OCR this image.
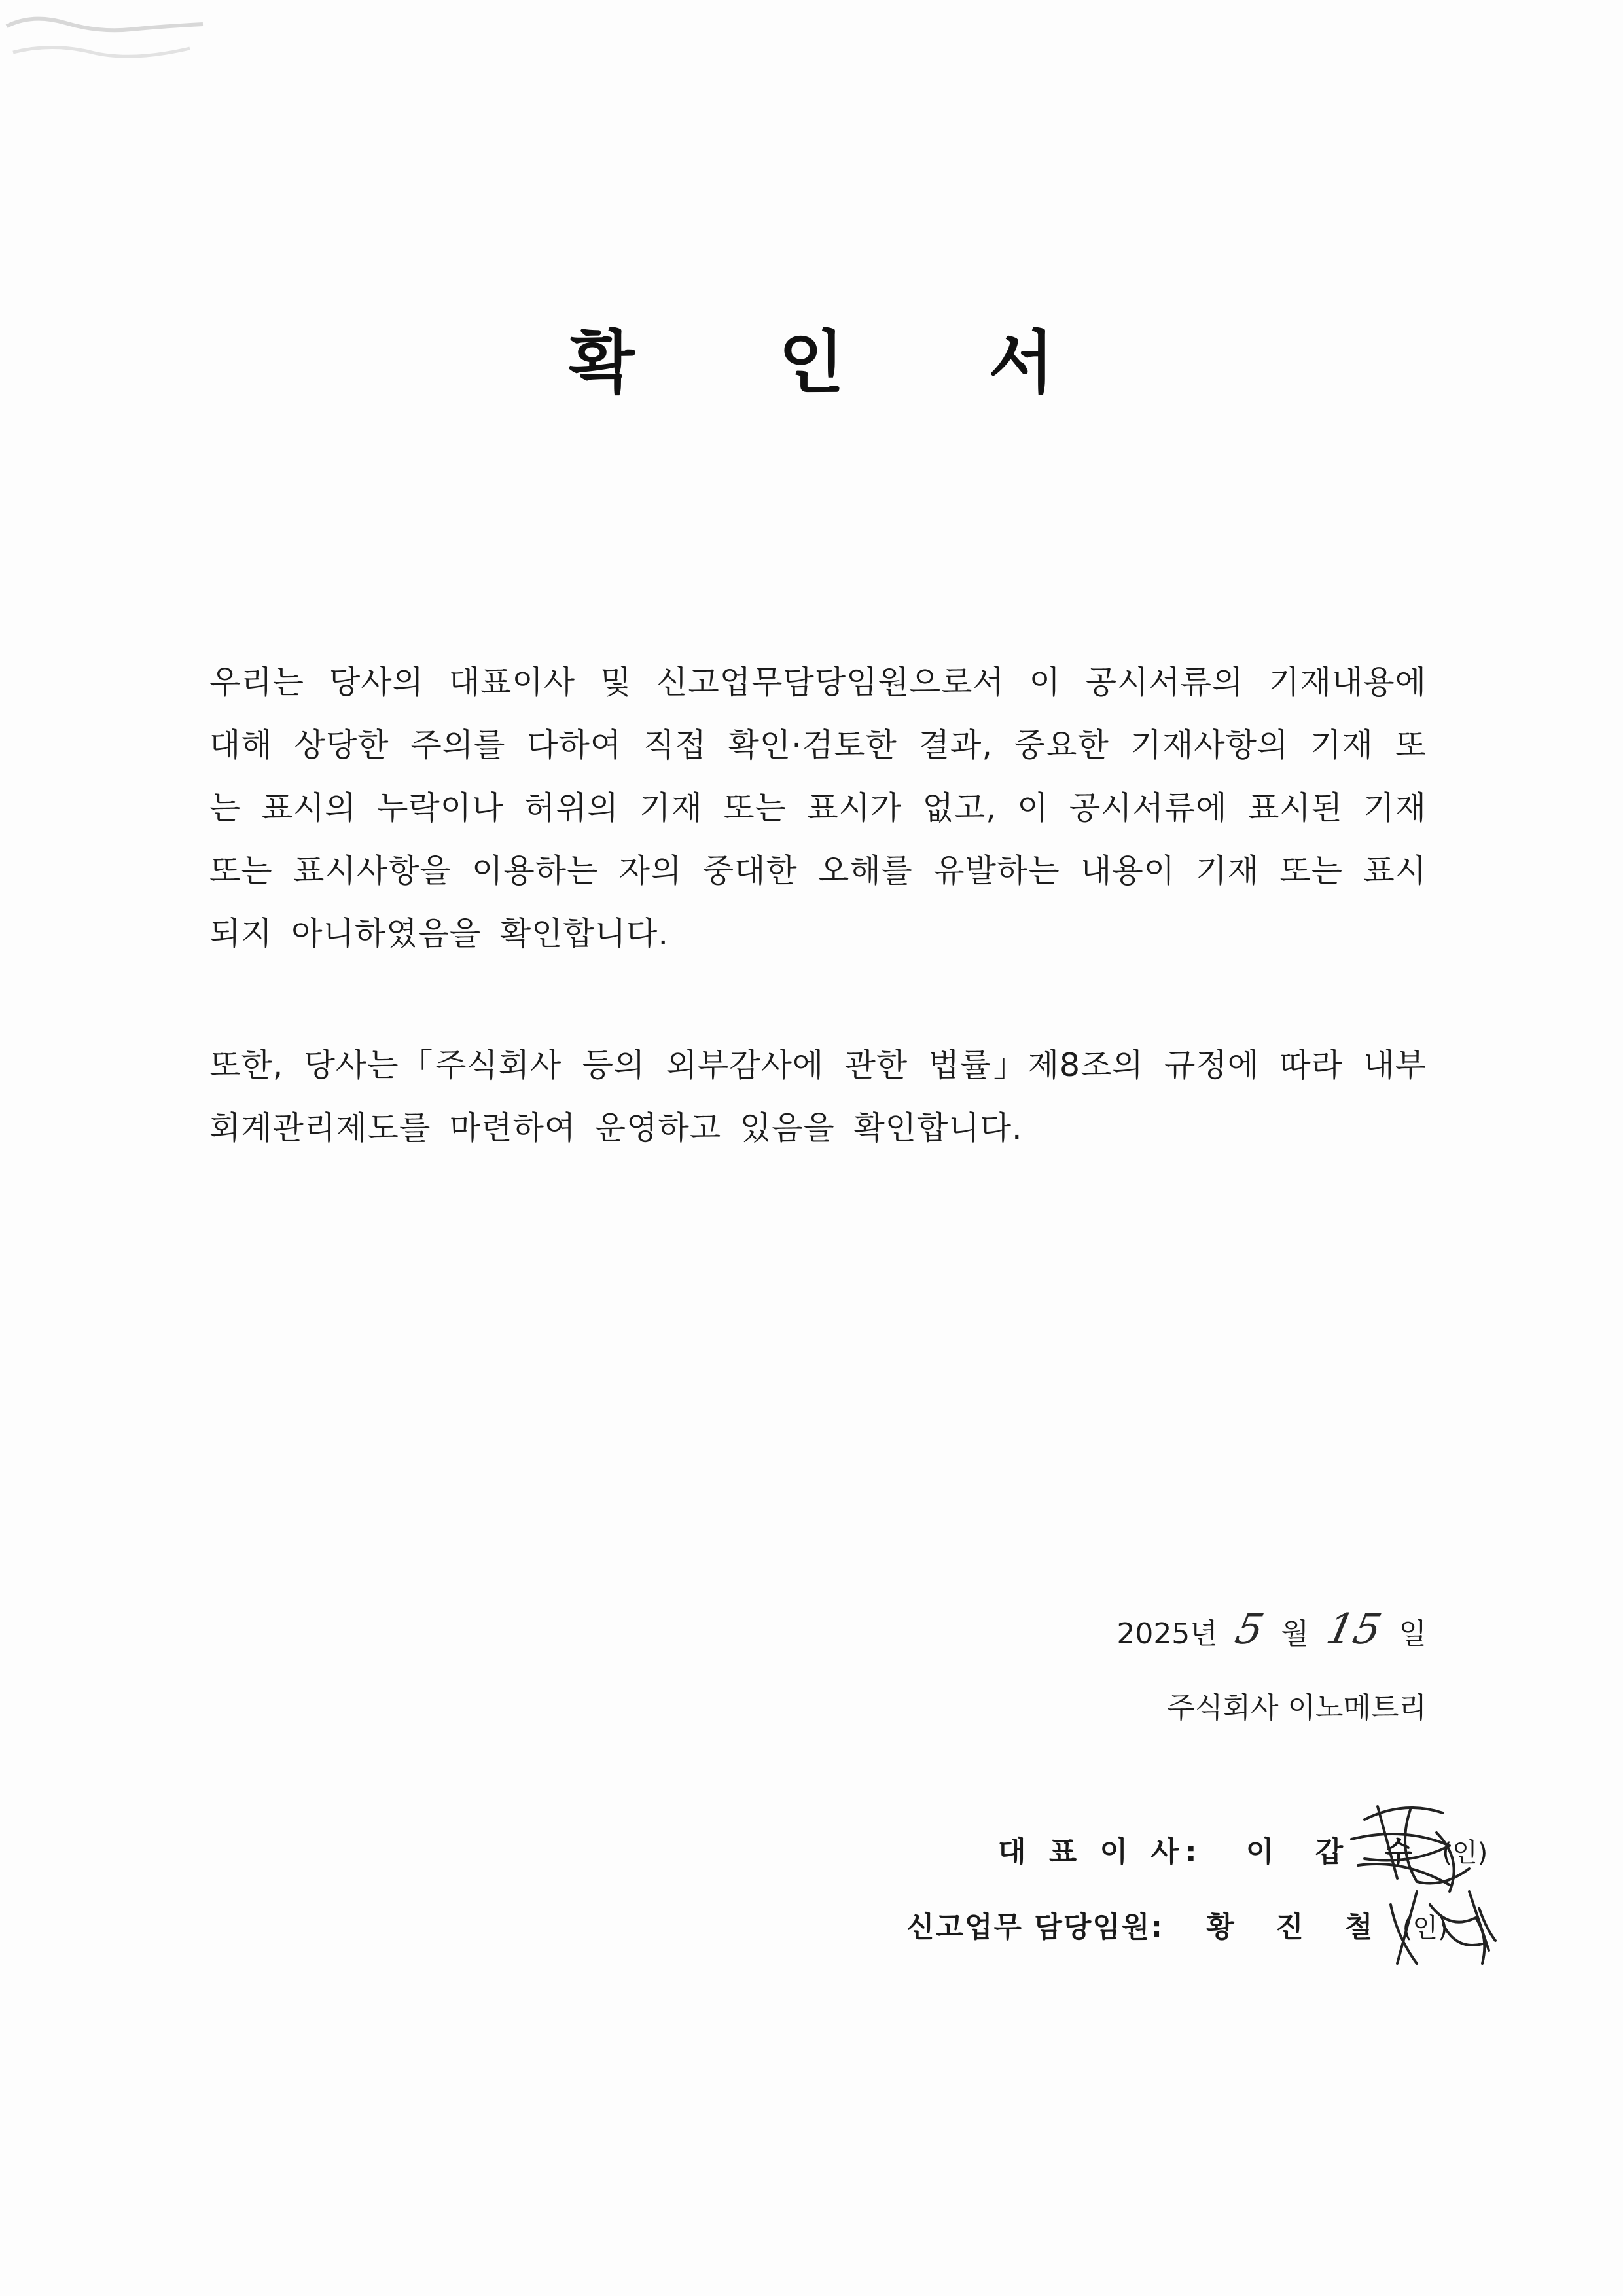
확 인 서
우리는 당사의 대표이사 및 신고업무담당임원으로서 이 공시서류의 기재내용에 대해 상당한 주의를 다하여 직접 확인·검토한 결과, 중요한 기재사항의 기재 또는 표시의 누락이나 허위의 기재 또는 표시가 없고, 이 공시서류에 표시된 기재 또는 표시사항을 이용하는 자의 중대한 오해를 유발하는 내용이 기재 또는 표시되지 아니하였음을 확인합니다.
또한, 당사는「주식회사 등의 외부감사에 관한 법률」제8조의 규정에 따라 내부회계관리제도를 마련하여 운영하고 있음을 확인합니다.
2025년 5 월 15 일
주식회사 이노메트리
대 표 이 사: 이 갑 수 (인)
신고업무 담당임원: 황 진 철 (인)
